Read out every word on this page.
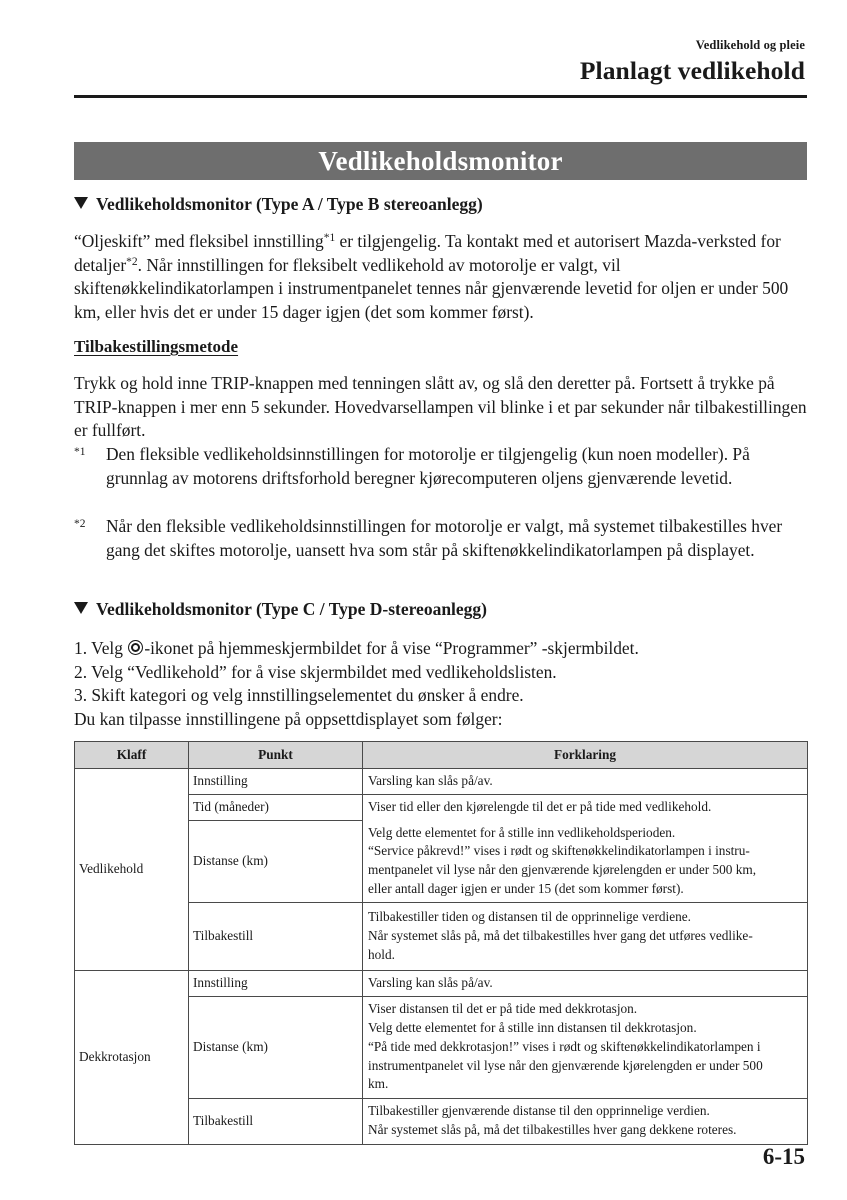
Vedlikehold og pleie
Planlagt vedlikehold
Vedlikeholdsmonitor
Vedlikeholdsmonitor (Type A / Type B stereoanlegg)

“Oljeskift” med fleksibel innstilling$^{*1}$ er tilgjengelig. Ta kontakt med et autorisert Mazda-verksted for detaljer$^{*2}$. Når innstillingen for fleksibelt vedlikehold av motorolje er valgt, vil skiftenøkkelindikatorlampen i instrumentpanelet tennes når gjenværende levetid for oljen er under 500 km, eller hvis det er under 15 dager igjen (det som kommer først).

Tilbakestillingsmetode
Trykk og hold inne TRIP-knappen med tenningen slått av, og slå den deretter på. Fortsett å trykke på TRIP-knappen i mer enn 5 sekunder. Hovedvarsellampen vil blinke i et par sekunder når tilbakestillingen er fullført.
$^{*1}$ Den fleksible vedlikeholdsinnstillingen for motorolje er tilgjengelig (kun noen modeller). På grunnlag av motorens driftsforhold beregner kjørecomputeren oljens gjenværende levetid.
$^{*2}$ Når den fleksible vedlikeholdsinnstillingen for motorolje er valgt, må systemet tilbakestilles hver gang det skiftes motorolje, uansett hva som står på skiftenøkkelindikatorlampen på displayet.
Vedlikeholdsmonitor (Type C / Type D-stereoanlegg)

1. Velg -ikonet på hjemmeskjermbildet for å vise “Programmer” -skjermbildet.

2. Velg “Vedlikehold” for å vise skjermbildet med vedlikeholdslisten.

3. Skift kategori og velg innstillingselementet du ønsker å endre.

Du kan tilpasse innstillingene på oppsettdisplayet som følger:

Klaff	Punkt	Forklaring
Vedlikehold	Innstilling	Varsling kan slås på/av.

	Tid (måneder)	Viser tid eller den kjørelengde til det er på tide med vedlikehold.

	Distanse (km)	Velg dette elementet for å stille inn vedlikeholdsperioden.
“Service påkrevd!” vises i rødt og skiftenøkkelindikatorlampen i instru-
mentpanelet vil lyse når den gjenværende kjørelengden er under 500 km,
eller antall dager igjen er under 15 (det som kommer først).

	Tilbakestill	Tilbakestiller tiden og distansen til de opprinnelige verdiene.
Når systemet slås på, må det tilbakestilles hver gang det utføres vedlike-
hold.

Dekkrotasjon	Innstilling	Varsling kan slås på/av.

	Distanse (km)	Viser distansen til det er på tide med dekkrotasjon.
Velg dette elementet for å stille inn distansen til dekkrotasjon.
“På tide med dekkrotasjon!” vises i rødt og skiftenøkkelindikatorlampen i
instrumentpanelet vil lyse når den gjenværende kjørelengden er under 500
km.

	Tilbakestill	Tilbakestiller gjenværende distanse til den opprinnelige verdien.
Når systemet slås på, må det tilbakestilles hver gang dekkene roteres.
6-15
